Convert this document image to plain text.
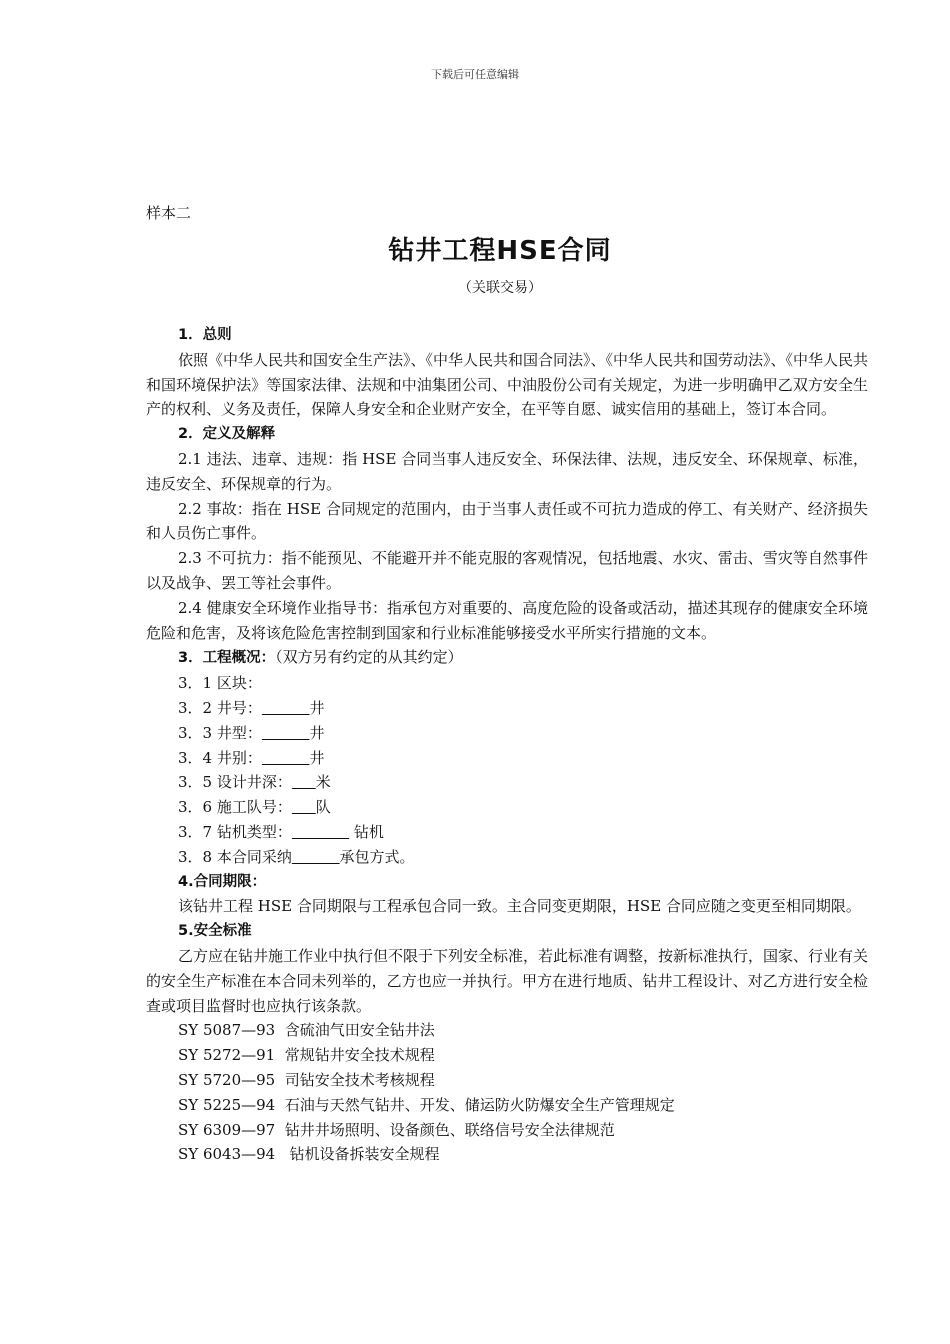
下载后可任意编辑
样本二
钻井工程HSE合同
（关联交易）

1．总则

依照《中华人民共和国安全生产法》、《中华人民共和国合同法》、《中华人民共和国劳动法》、《中华人民共和国环境保护法》等国家法律、法规和中油集团公司、中油股份公司有关规定，为进一步明确甲乙双方安全生产的权利、义务及责任，保障人身安全和企业财产安全，在平等自愿、诚实信用的基础上，签订本合同。

2．定义及解释

2.1 违法、违章、违规：指 HSE 合同当事人违反安全、环保法律、法规，违反安全、环保规章、标准，违反安全、环保规章的行为。

2.2 事故：指在 HSE 合同规定的范围内，由于当事人责任或不可抗力造成的停工、有关财产、经济损失和人员伤亡事件。

2.3 不可抗力：指不能预见、不能避开并不能克服的客观情况，包括地震、水灾、雷击、雪灾等自然事件以及战争、罢工等社会事件。

2.4 健康安全环境作业指导书：指承包方对重要的、高度危险的设备或活动，描述其现存的健康安全环境危险和危害，及将该危险危害控制到国家和行业标准能够接受水平所实行措施的文本。

3．工程概况：（双方另有约定的从其约定）

3．1 区块：

3．2 井号：	井

3．3 井型：	井

3．4 井别：	井

3．5 设计井深： 米

3．6 施工队号： 队

3．7 钻机类型：	钻机

3．8 本合同采纳	承包方式。

4.合同期限：

该钻井工程 HSE 合同期限与工程承包合同一致。主合同变更期限，HSE 合同应随之变更至相同期限。

5.安全标准

乙方应在钻井施工作业中执行但不限于下列安全标准，若此标准有调整，按新标准执行，国家、行业有关的安全生产标准在本合同未列举的，乙方也应一并执行。甲方在进行地质、钻井工程设计、对乙方进行安全检查或项目监督时也应执行该条款。

SY 5087—93  含硫油气田安全钻井法

SY 5272—91  常规钻井安全技术规程

SY 5720—95  司钻安全技术考核规程

SY 5225—94  石油与天然气钻井、开发、储运防火防爆安全生产管理规定

SY 6309—97  钻井井场照明、设备颜色、联络信号安全法律规范

SY 6043—94   钻机设备拆装安全规程
